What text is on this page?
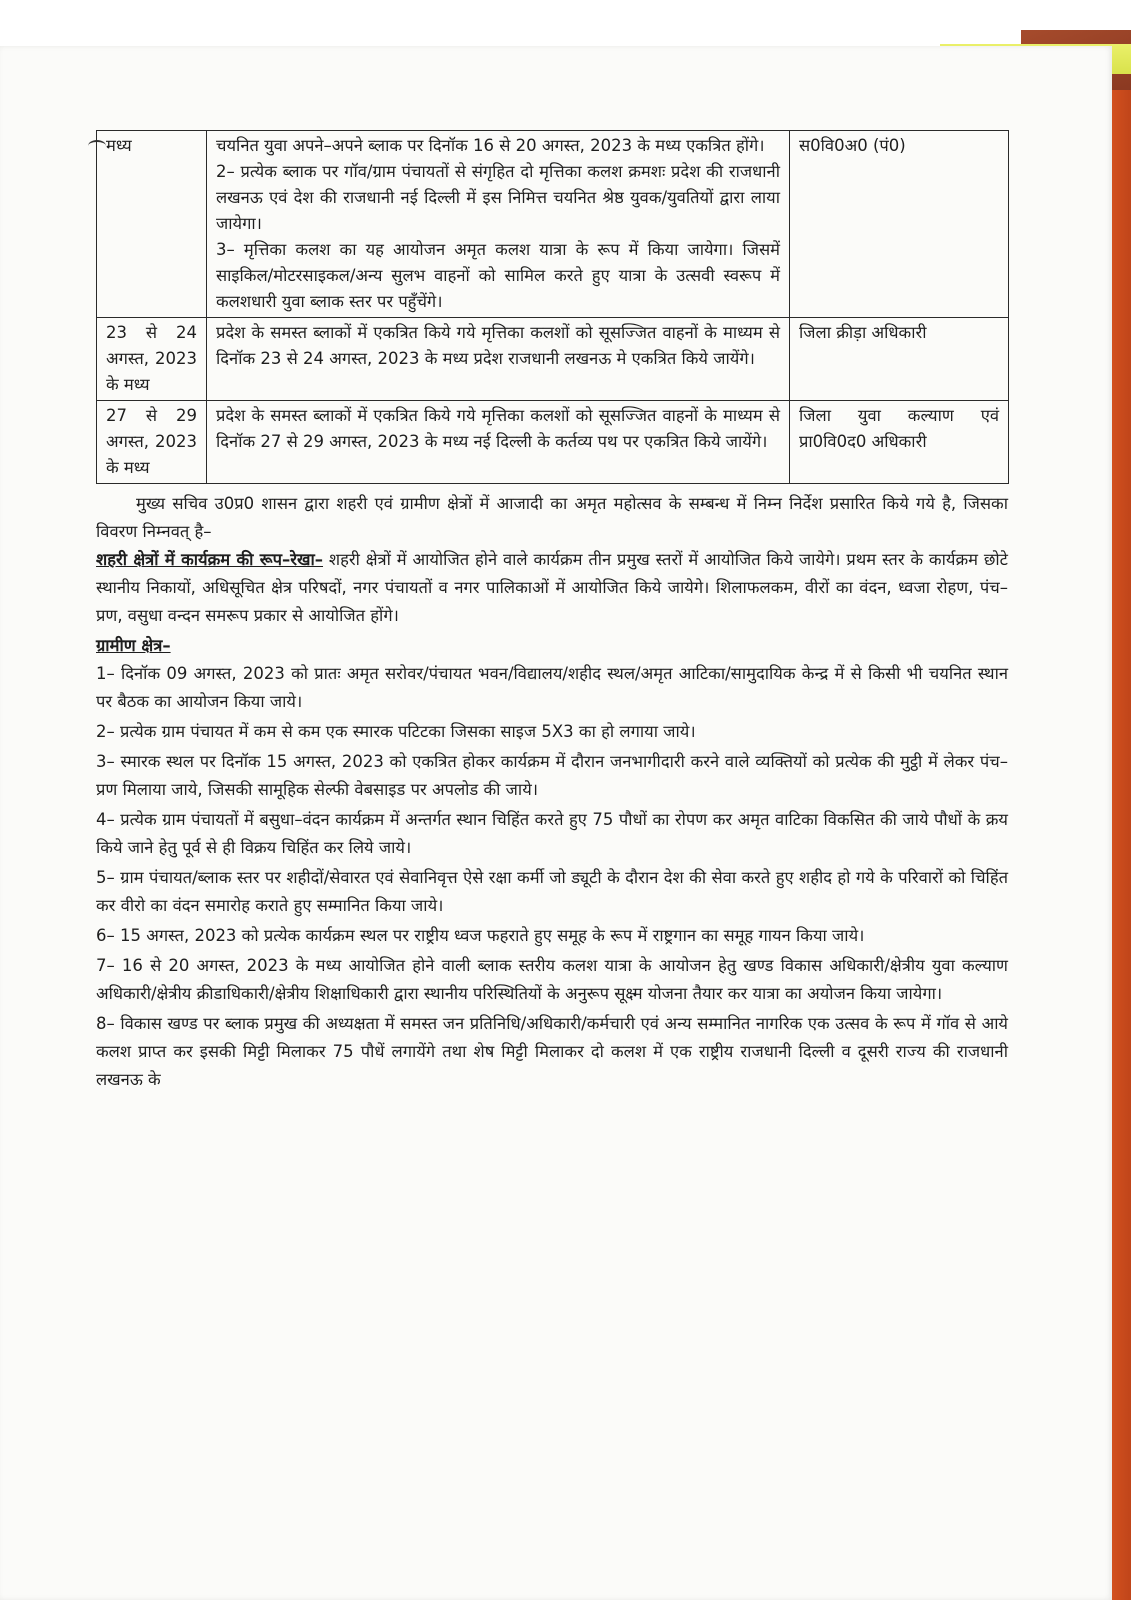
मध्य	चयनित युवा अपने–अपने ब्लाक पर दिनॉक 16 से 20 अगस्त, 2023 के मध्य एकत्रित होंगे।

2– प्रत्येक ब्लाक पर गॉव/ग्राम पंचायतों से संगृहित दो मृत्तिका कलश क्रमशः प्रदेश की राजधानी लखनऊ एवं देश की राजधानी नई दिल्ली में इस निमित्त चयनित श्रेष्ठ युवक/युवतियों द्वारा लाया जायेगा।

3– मृत्तिका कलश का यह आयोजन अमृत कलश यात्रा के रूप में किया जायेगा। जिसमें साइकिल/मोटरसाइकल/अन्य सुलभ वाहनों को सामिल करते हुए यात्रा के उत्सवी स्वरूप में कलशधारी युवा ब्लाक स्तर पर पहुँचेंगे।	स0वि0अ0 (पं0)
23 से 24 अगस्त, 2023 के मध्य	प्रदेश के समस्त ब्लाकों में एकत्रित किये गये मृत्तिका कलशों को सूसज्जित वाहनों के माध्यम से दिनॉक 23 से 24 अगस्त, 2023 के मध्य प्रदेश राजधानी लखनऊ मे एकत्रित किये जायेंगे।	जिला क्रीड़ा अधिकारी
27 से 29 अगस्त, 2023 के मध्य	प्रदेश के समस्त ब्लाकों में एकत्रित किये गये मृत्तिका कलशों को सूसज्जित वाहनों के माध्यम से दिनॉक 27 से 29 अगस्त, 2023 के मध्य नई दिल्ली के कर्तव्य पथ पर एकत्रित किये जायेंगे।	जिला युवा कल्याण एवं प्रा0वि0द0 अधिकारी

मुख्य सचिव उ0प्र0 शासन द्वारा शहरी एवं ग्रामीण क्षेत्रों में आजादी का अमृत महोत्सव के सम्बन्ध में निम्न निर्देश प्रसारित किये गये है, जिसका विवरण निम्नवत् है–

शहरी क्षेत्रों में कार्यक्रम की रूप–रेखा– शहरी क्षेत्रों में आयोजित होने वाले कार्यक्रम तीन प्रमुख स्तरों में आयोजित किये जायेगे। प्रथम स्तर के कार्यक्रम छोटे स्थानीय निकायों, अधिसूचित क्षेत्र परिषदों, नगर पंचायतों व नगर पालिकाओं में आयोजित किये जायेगे। शिलाफलकम, वीरों का वंदन, ध्वजा रोहण, पंच–प्रण, वसुधा वन्दन समरूप प्रकार से आयोजित होंगे।

ग्रामीण क्षेत्र–

1– दिनॉक 09 अगस्त, 2023 को प्रातः अमृत सरोवर/पंचायत भवन/विद्यालय/शहीद स्थल/अमृत आटिका/सामुदायिक केन्द्र में से किसी भी चयनित स्थान पर बैठक का आयोजन किया जाये।

2– प्रत्येक ग्राम पंचायत में कम से कम एक स्मारक पटिटका जिसका साइज 5X3 का हो लगाया जाये।

3– स्मारक स्थल पर दिनॉक 15 अगस्त, 2023 को एकत्रित होकर कार्यक्रम में दौरान जनभागीदारी करने वाले व्यक्तियों को प्रत्येक की मुट्ठी में लेकर पंच–प्रण मिलाया जाये, जिसकी सामूहिक सेल्फी वेबसाइड पर अपलोड की जाये।

4– प्रत्येक ग्राम पंचायतों में बसुधा–वंदन कार्यक्रम में अन्तर्गत स्थान चिहिंत करते हुए 75 पौधों का रोपण कर अमृत वाटिका विकसित की जाये पौधों के क्रय किये जाने हेतु पूर्व से ही विक्रय चिहिंत कर लिये जाये।

5– ग्राम पंचायत/ब्लाक स्तर पर शहीदों/सेवारत एवं सेवानिवृत्त ऐसे रक्षा कर्मी जो ड्यूटी के दौरान देश की सेवा करते हुए शहीद हो गये के परिवारों को चिहिंत कर वीरो का वंदन समारोह कराते हुए सम्मानित किया जाये।

6– 15 अगस्त, 2023 को प्रत्येक कार्यक्रम स्थल पर राष्ट्रीय ध्वज फहराते हुए समूह के रूप में राष्ट्रगान का समूह गायन किया जाये।

7– 16 से 20 अगस्त, 2023 के मध्य आयोजित होने वाली ब्लाक स्तरीय कलश यात्रा के आयोजन हेतु खण्ड विकास अधिकारी/क्षेत्रीय युवा कल्याण अधिकारी/क्षेत्रीय क्रीडाधिकारी/क्षेत्रीय शिक्षाधिकारी द्वारा स्थानीय परिस्थितियों के अनुरूप सूक्ष्म योजना तैयार कर यात्रा का अयोजन किया जायेगा।

8– विकास खण्ड पर ब्लाक प्रमुख की अध्यक्षता में समस्त जन प्रतिनिधि/अधिकारी/कर्मचारी एवं अन्य सम्मानित नागरिक एक उत्सव के रूप में गॉव से आये कलश प्राप्त कर इसकी मिट्टी मिलाकर 75 पौधें लगायेंगे तथा शेष मिट्टी मिलाकर दो कलश में एक राष्ट्रीय राजधानी दिल्ली व दूसरी राज्य की राजधानी लखनऊ के
